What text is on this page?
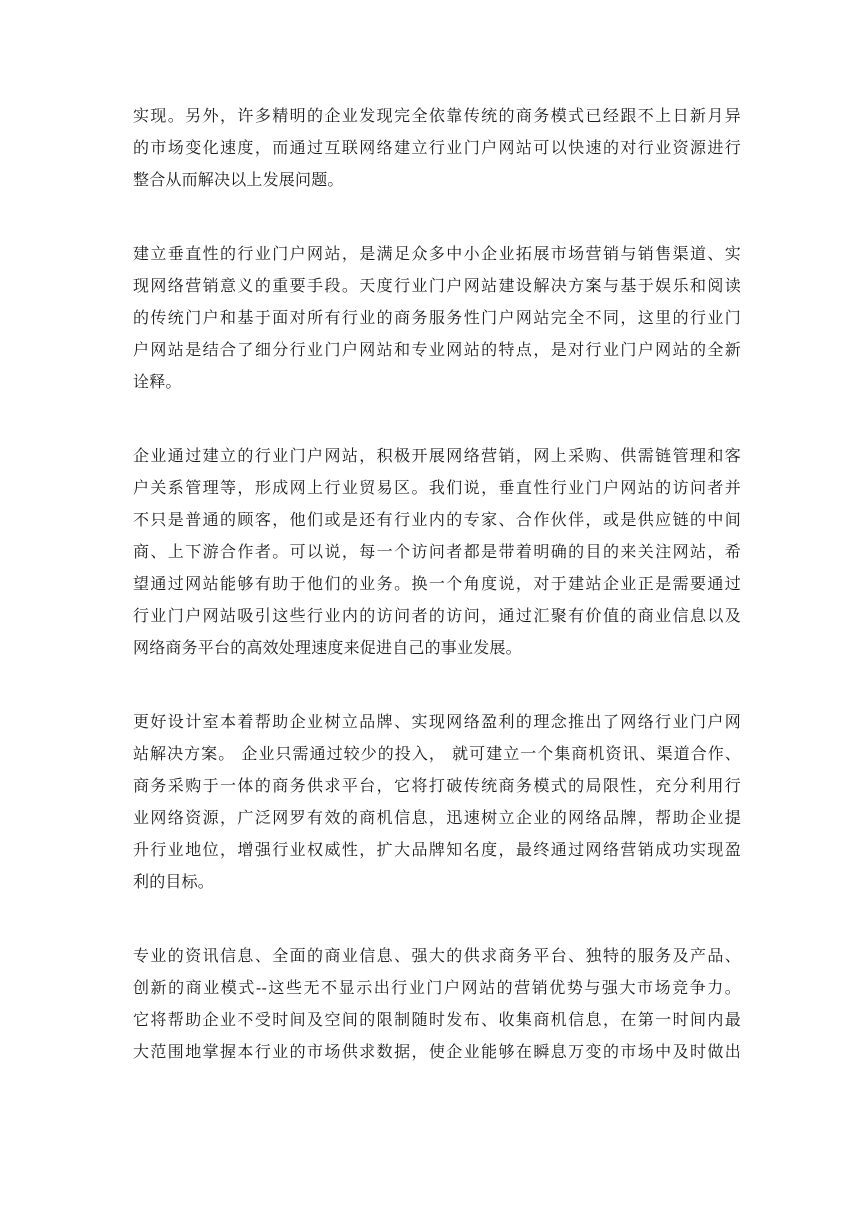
实现。另外，许多精明的企业发现完全依靠传统的商务模式已经跟不上日新月异
的市场变化速度，而通过互联网络建立行业门户网站可以快速的对行业资源进行
整合从而解决以上发展问题。
建立垂直性的行业门户网站，是满足众多中小企业拓展市场营销与销售渠道、实
现网络营销意义的重要手段。天度行业门户网站建设解决方案与基于娱乐和阅读
的传统门户和基于面对所有行业的商务服务性门户网站完全不同，这里的行业门
户网站是结合了细分行业门户网站和专业网站的特点，是对行业门户网站的全新
诠释。
企业通过建立的行业门户网站，积极开展网络营销，网上采购、供需链管理和客
户关系管理等，形成网上行业贸易区。我们说，垂直性行业门户网站的访问者并
不只是普通的顾客，他们或是还有行业内的专家、合作伙伴，或是供应链的中间
商、上下游合作者。可以说，每一个访问者都是带着明确的目的来关注网站，希
望通过网站能够有助于他们的业务。换一个角度说，对于建站企业正是需要通过
行业门户网站吸引这些行业内的访问者的访问，通过汇聚有价值的商业信息以及
网络商务平台的高效处理速度来促进自己的事业发展。
更好设计室本着帮助企业树立品牌、实现网络盈利的理念推出了网络行业门户网
站解决方案。 企业只需通过较少的投入， 就可建立一个集商机资讯、渠道合作、
商务采购于一体的商务供求平台，它将打破传统商务模式的局限性，充分利用行
业网络资源，广泛网罗有效的商机信息，迅速树立企业的网络品牌，帮助企业提
升行业地位，增强行业权威性，扩大品牌知名度，最终通过网络营销成功实现盈
利的目标。
专业的资讯信息、全面的商业信息、强大的供求商务平台、独特的服务及产品、
创新的商业模式--这些无不显示出行业门户网站的营销优势与强大市场竞争力。
它将帮助企业不受时间及空间的限制随时发布、收集商机信息，在第一时间内最
大范围地掌握本行业的市场供求数据，使企业能够在瞬息万变的市场中及时做出
